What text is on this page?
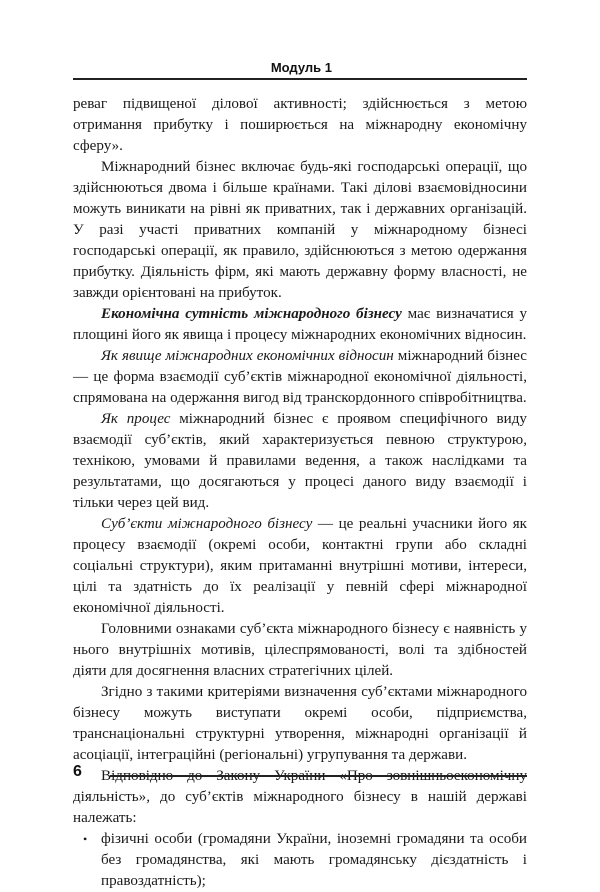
Модуль 1

реваг підвищеної ділової активності; здійснюється з метою отримання прибутку і поширюється на міжнародну економічну сферу».

Міжнародний бізнес включає будь-які господарські операції, що здійснюються двома і більше країнами. Такі ділові взаємовідносини можуть виникати на рівні як приватних, так і державних організацій. У разі участі приватних компаній у міжнародному бізнесі господарські операції, як правило, здійснюються з метою одержання прибутку. Діяльність фірм, які мають державну форму власності, не завжди орієнтовані на прибуток.

Економічна сутність міжнародного бізнесу має визначатися у площині його як явища і процесу міжнародних економічних відносин.

Як явище міжнародних економічних відносин міжнародний бізнес — це форма взаємодії суб’єктів міжнародної економічної діяльності, спрямована на одержання вигод від транскордонного співробітництва.

Як процес міжнародний бізнес є проявом специфічного виду взаємодії суб’єктів, який характеризується певною структурою, технікою, умовами й правилами ведення, а також наслідками та результатами, що досягаються у процесі даного виду взаємодії і тільки через цей вид.

Суб’єкти міжнародного бізнесу — це реальні учасники його як процесу взаємодії (окремі особи, контактні групи або складні соціальні структури), яким притаманні внутрішні мотиви, інтереси, цілі та здатність до їх реалізації у певній сфері міжнародної економічної діяльності.

Головними ознаками суб’єкта міжнародного бізнесу є наявність у нього внутрішніх мотивів, цілеспрямованості, волі та здібностей діяти для досягнення власних стратегічних цілей.

Згідно з такими критеріями визначення суб’єктами міжнародного бізнесу можуть виступати окремі особи, підприємства, транснаціональні структурні утворення, міжнародні організації й асоціації, інтеграційні (регіональні) угрупування та держави.

Відповідно до Закону України «Про зовнішньоекономічну діяльність», до суб’єктів міжнародного бізнесу в нашій державі належать:

• фізичні особи (громадяни України, іноземні громадяни та особи без громадянства, які мають громадянську дієздатність і правоздатність);
6
